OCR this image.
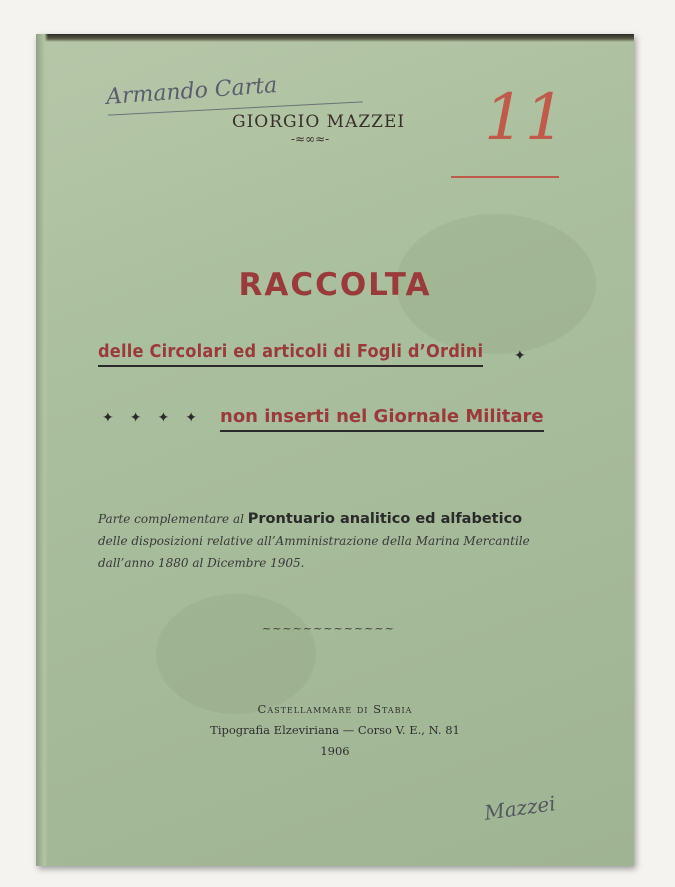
Armando Carta
GIORGIO MAZZEI
-≈∞≈- 11
RACCOLTA
delle Circolari ed articoli di Fogli d’Ordini ✦
✦✦✦✦ non inserti nel Giornale Militare
Parte complementare al Prontuario analitico ed alfabetico delle disposizioni relative all’Amministrazione della Marina Mercantile dall’anno 1880 al Dicembre 1905.
~~~~~~~~~~~~~
Castellammare di Stabia
Tipografia Elzeviriana — Corso V. E., N. 81
1906
Mazzei
